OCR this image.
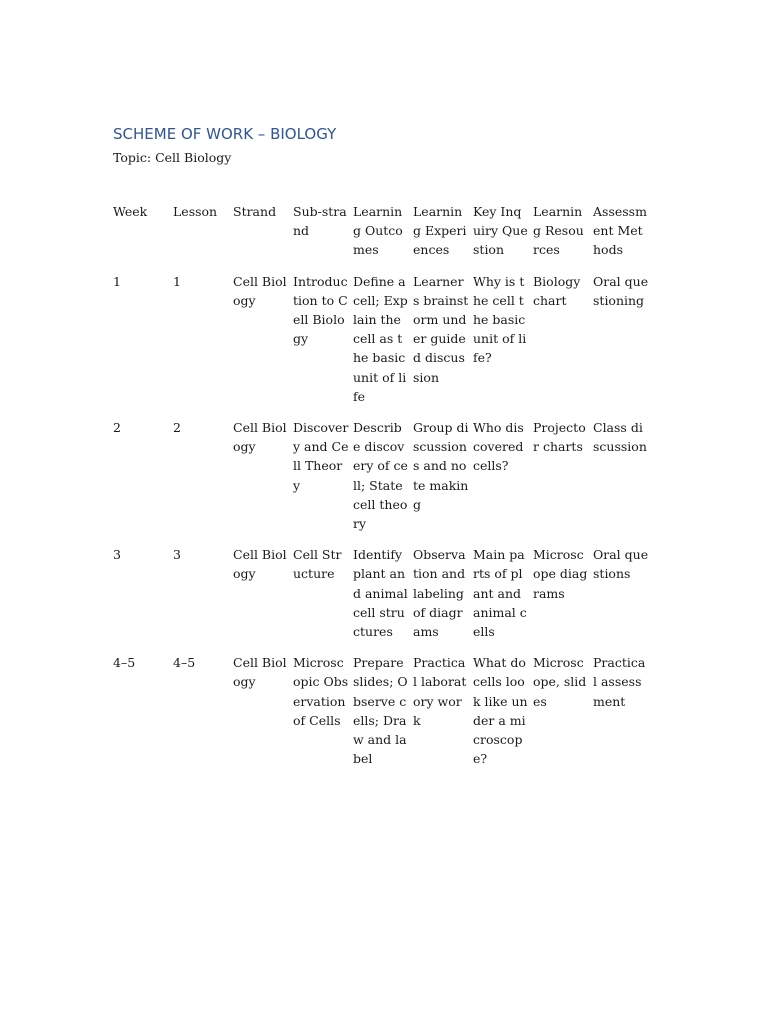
SCHEME OF WORK – BIOLOGY

Topic: Cell Biology

Week	Lesson	Strand	Sub-strand	Learning Outcomes	Learning Experiences	Key Inquiry Question	Learning Resources	Assessment Methods

1	1	Cell Biology	Introduction to Cell Biology	Define a cell; Explain the cell as the basic unit of life	Learners brainstorm under guided discussion	Why is the cell the basic unit of life?	Biology chart	Oral questioning

2	2	Cell Biology	Discovery and Cell Theory	Describe discovery of cell; State cell theory	Group discussions and note making	Who discovered cells?	Projector charts	Class discussion

3	3	Cell Biology	Cell Structure	Identify plant and animal cell structures	Observation and labeling of diagrams	Main parts of plant and animal cells	Microscope diagrams	Oral questions

4–5	4–5	Cell Biology	Microscopic Observation of Cells	Prepare slides; Observe cells; Draw and label	Practical laboratory work	What do cells look like under a microscope?	Microscope, slides	Practical assessment
